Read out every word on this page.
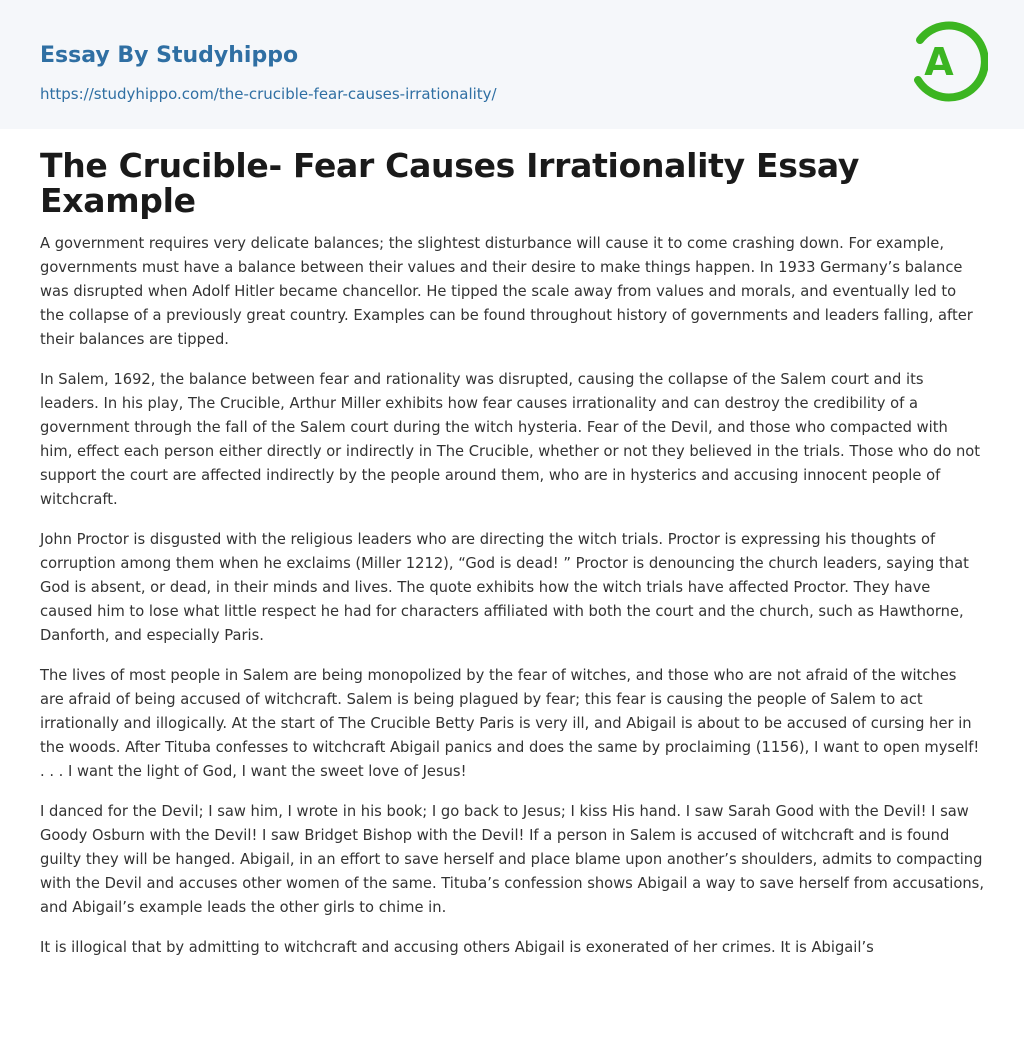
Essay By Studyhippo
https://studyhippo.com/the-crucible-fear-causes-irrationality/
A
The Crucible- Fear Causes Irrationality Essay Example

A government requires very delicate balances; the slightest disturbance will cause it to come crashing down. For example, governments must have a balance between their values and their desire to make things happen. In 1933 Germany’s balance was disrupted when Adolf Hitler became chancellor. He tipped the scale away from values and morals, and eventually led to the collapse of a previously great country. Examples can be found throughout history of governments and leaders falling, after their balances are tipped.

In Salem, 1692, the balance between fear and rationality was disrupted, causing the collapse of the Salem court and its leaders. In his play, The Crucible, Arthur Miller exhibits how fear causes irrationality and can destroy the credibility of a government through the fall of the Salem court during the witch hysteria. Fear of the Devil, and those who compacted with him, effect each person either directly or indirectly in The Crucible, whether or not they believed in the trials. Those who do not support the court are affected indirectly by the people around them, who are in hysterics and accusing innocent people of witchcraft.

John Proctor is disgusted with the religious leaders who are directing the witch trials. Proctor is expressing his thoughts of corruption among them when he exclaims (Miller 1212), “God is dead! ” Proctor is denouncing the church leaders, saying that God is absent, or dead, in their minds and lives. The quote exhibits how the witch trials have affected Proctor. They have caused him to lose what little respect he had for characters affiliated with both the court and the church, such as Hawthorne, Danforth, and especially Paris.

The lives of most people in Salem are being monopolized by the fear of witches, and those who are not afraid of the witches are afraid of being accused of witchcraft. Salem is being plagued by fear; this fear is causing the people of Salem to act irrationally and illogically. At the start of The Crucible Betty Paris is very ill, and Abigail is about to be accused of cursing her in the woods. After Tituba confesses to witchcraft Abigail panics and does the same by proclaiming (1156), I want to open myself! . . . I want the light of God, I want the sweet love of Jesus!

I danced for the Devil; I saw him, I wrote in his book; I go back to Jesus; I kiss His hand. I saw Sarah Good with the Devil! I saw Goody Osburn with the Devil! I saw Bridget Bishop with the Devil! If a person in Salem is accused of witchcraft and is found guilty they will be hanged. Abigail, in an effort to save herself and place blame upon another’s shoulders, admits to compacting with the Devil and accuses other women of the same. Tituba’s confession shows Abigail a way to save herself from accusations, and Abigail’s example leads the other girls to chime in.

It is illogical that by admitting to witchcraft and accusing others Abigail is exonerated of her crimes. It is Abigail’s
